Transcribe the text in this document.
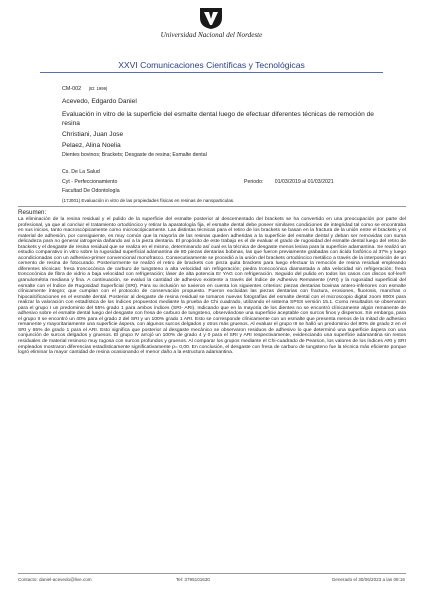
Universidad Nacional del Nordeste
XXVI Comunicaciones Científicas y Tecnológicas
CM-002 (ID: 1999)
Acevedo, Edgardo Daniel
Evaluación in vitro de la superficie del esmalte dental luego de efectuar diferentes técnicas de remoción de resina
Christiani, Juan Jose
Pelaez, Alina Noelia
Dientes bovinos; Brackets; Desgaste de resina; Esmalte dental
Cs. De La Salud
Cyt - Perfeccionamiento	Periodo: 01/03/2019 al 01/03/2021
Facultad De Odontología
(17J001) Evaluación in vitro de las propiedades físicas en resinas de nanoparticulas.
Resumen:
La eliminación de la resina residual y el pulido de la superficie del esmalte posterior al descementado del brackets se ha convertido en una preocupación por parte del profesional, ya que al concluir el tratamiento ortodóncico y retirar la aparatología fija, el esmalte dental debe poseer similares condiciones de integridad tal como se encontraba en sus inicios, tanto macroscópicamente como microscópicamente. Las distintas técnicas para el retiro de los brackets se basan en la fractura de la unión entre el brackets y el material de adhesión, por consiguiente, es muy común que la mayoría de las resinas queden adheridas a la superficie del esmalte dental y deban ser removidas con suma delicadeza para no generar iatrogenia dañando así a la pieza dentaria. El propósito de este trabajo es el de evaluar el grado de rugosidad del esmalte dental luego del retiro de brackets y el desgaste de resina residual que se realiza en el mismo, determinando así cual es la técnica de desgaste menos lesiva para la superficie adamantina. Se realizó un estudio comparativo in vitro sobre la rugosidad superficial adamantina de 80 piezas dentarias bobinas, las que fueron previamente grabadas con ácido fosfórico al 37% y luego acondicionadas con un adhesivo-primer convencional monofrasco. Consecutivamente se procedió a la unión del brackets ortodóncico metálico a través de la interposición de un cemento de resina de fotocurado. Posteriormente se realizó el retiro de brackets con pinza quita brackets para luego efectuar la remoción de resina residual empleando diferentes técnicas: fresa troncocónica de carburo de tungsteno a alta velocidad sin refrigeración; piedra troncocónica diamantada a alta velocidad sin refrigeración; fresa troncocónica de fibra de vidrio a baja velocidad con refrigeración; láser de alta potencia Er YAG con refrigeración. Seguido del pulido en todos los casos con discos sof-lex® granulométria mediana y fina. A continuación, se evaluó la cantidad de adhesivo existente a través del Índice de Adhesivo Remanente (ARI) y la rugosidad superficial del esmalte con el Índice de Rugosidad Superficial (SRI). Para su inclusión se tuvieron en cuenta los siguientes criterios: piezas dentarias bovinas antero-inferiores con esmalte clínicamente íntegro; que cumplan con el protocolo de conservación propuesto. Fueron excluidas las piezas dentarias con fractura, erosiones, fluorosis, manchas o hipocalcificaciones en el esmalte dental. Posterior al desgaste de resina residual se tomaron nuevas fotografías del esmalte dental con el microscopio digital zoom 800X para realizar la valoración con estadística de los índices propuestos mediante la prueba de Chi cuadrado, utilizando el sistema SPSS versión 15.1. Como resultados se observaron para el grupo I un predominio del 55% grado 1 para ambos índices (SRI- ARI). Indicando que en la mayoría de los dientes no se encontró clínicamente algún remanente de adhesivo sobre el esmalte dental luego del desgaste con fresa de carburo de tungsteno, observándose una superficie aceptable con surcos finos y dispersos. Sin embargo, para el grupo II se encontró un 40% para el grado 2 del SRI y un 100% grado 1 ARI. Esto se corresponde clínicamente con un esmalte que presenta menos de la mitad de adhesivo remanente y mayoritariamente una superficie áspera, con algunos surcos delgados y otros más gruesos. Al evaluar el grupo III se halló un predominio del 80% de grado 2 en el SRI y 65% de grado 1 para el ARI. Esto significa que posterior al desgaste mecánico se observaron residuos de adhesivo lo que determinó una superficie áspera con una conjunción de surcos delgados y gruesos. El grupo IV arrojó un 100% de grado 4 y 0 para el SRI y ARI respectivamente, evidenciando una superficie adamantina sin restos residuales de material resinoso muy rugosa con surcos profundos y gruesos. Al comparar los grupos mediante el Chi-cuadrado de Pearson, los valores de los índices ARI y SRI empleados mostraron diferencias estadísticamente significativamente p= 0,00. En conclusión, el desgaste con fresa de carburo de tungsteno fue la técnica más eficiente porque logró eliminar la mayor cantidad de resina ocasionando el menor daño a la estructura adamantina.
Contacto: daniel-acevedo@live.com	Tel: 3795101630	Generado el 30/06/2023 a las 08:16
